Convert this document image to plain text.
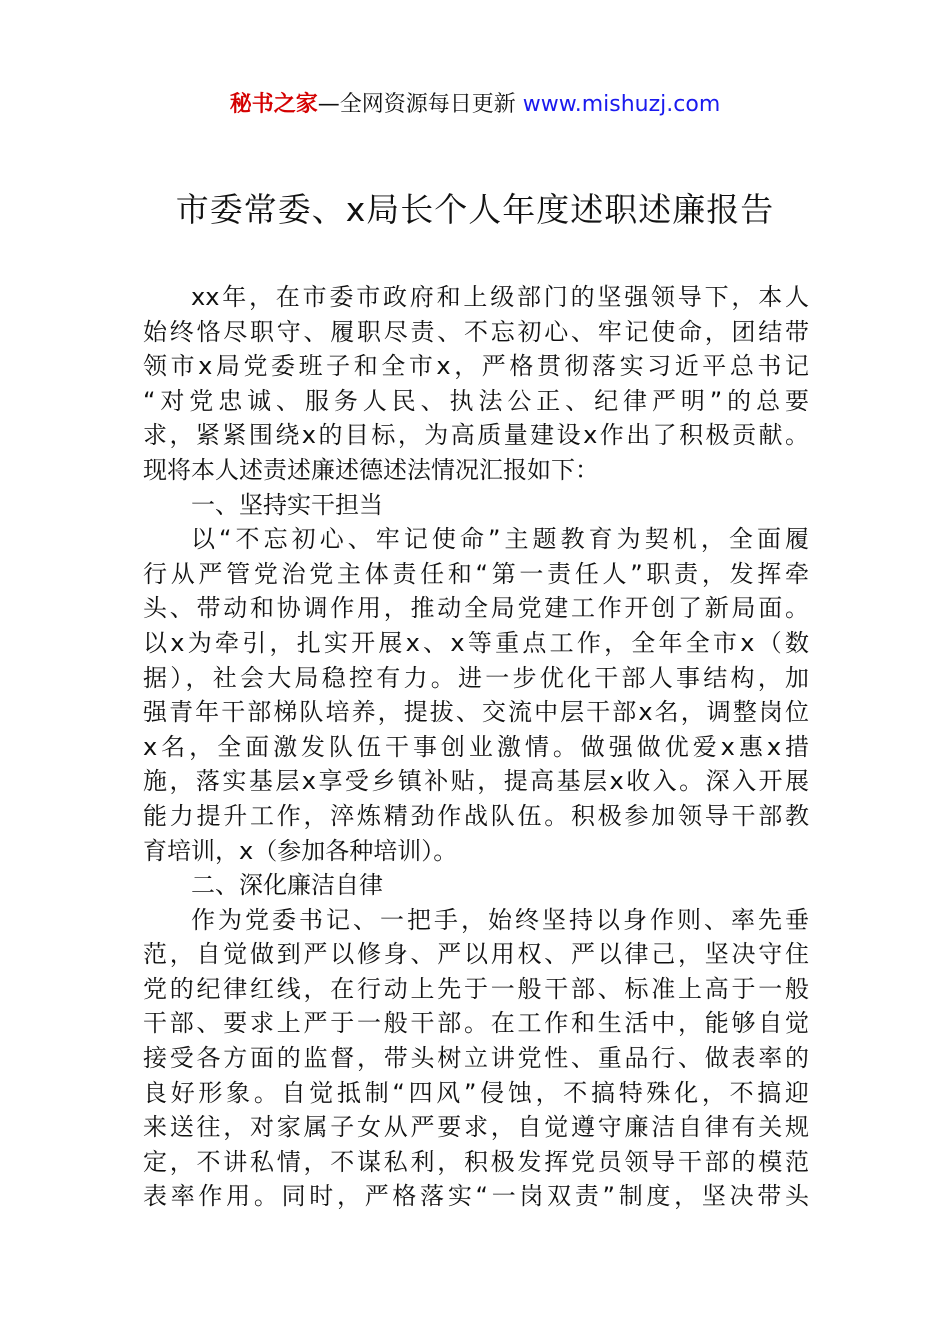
秘书之家—全网资源每日更新 www.mishuzj.com
市委常委、x局长个人年度述职述廉报告
xx年，在市委市政府和上级部门的坚强领导下，本人
始终恪尽职守、履职尽责、不忘初心、牢记使命，团结带
领市x局党委班子和全市x，严格贯彻落实习近平总书记
“对党忠诚、服务人民、执法公正、纪律严明”的总要
求，紧紧围绕x的目标，为高质量建设x作出了积极贡献。
现将本人述责述廉述德述法情况汇报如下：
一、坚持实干担当
以“不忘初心、牢记使命”主题教育为契机，全面履
行从严管党治党主体责任和“第一责任人”职责，发挥牵
头、带动和协调作用，推动全局党建工作开创了新局面。
以x为牵引，扎实开展x、x等重点工作，全年全市x（数
据），社会大局稳控有力。进一步优化干部人事结构，加
强青年干部梯队培养，提拔、交流中层干部x名，调整岗位
x名，全面激发队伍干事创业激情。做强做优爱x惠x措
施，落实基层x享受乡镇补贴，提高基层x收入。深入开展
能力提升工作，淬炼精劲作战队伍。积极参加领导干部教
育培训，x（参加各种培训）。
二、深化廉洁自律
作为党委书记、一把手，始终坚持以身作则、率先垂
范，自觉做到严以修身、严以用权、严以律己，坚决守住
党的纪律红线，在行动上先于一般干部、标准上高于一般
干部、要求上严于一般干部。在工作和生活中，能够自觉
接受各方面的监督，带头树立讲党性、重品行、做表率的
良好形象。自觉抵制“四风”侵蚀，不搞特殊化，不搞迎
来送往，对家属子女从严要求，自觉遵守廉洁自律有关规
定，不讲私情，不谋私利，积极发挥党员领导干部的模范
表率作用。同时，严格落实“一岗双责”制度，坚决带头
